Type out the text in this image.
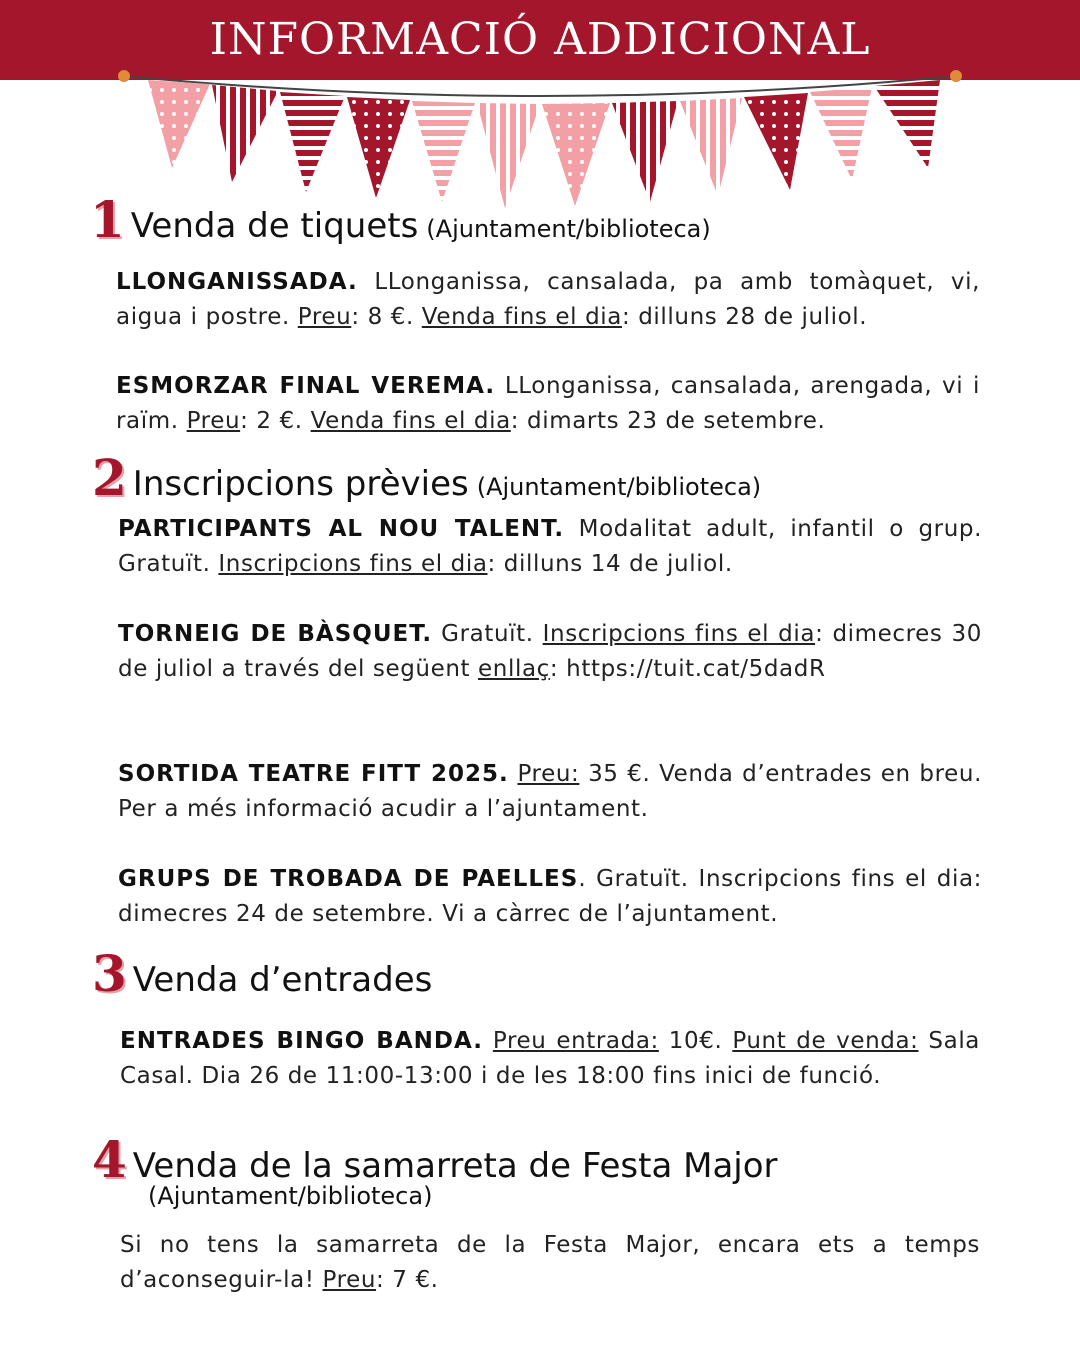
INFORMACIÓ ADDICIONAL
1 Venda de tiquets (Ajuntament/biblioteca)

LLONGANISSADA. LLonganissa, cansalada, pa amb tomàquet, vi, aigua i postre. Preu: 8 €. Venda fins el dia: dilluns 28 de juliol.

ESMORZAR FINAL VEREMA. LLonganissa, cansalada, arengada, vi i raïm. Preu: 2 €. Venda fins el dia: dimarts 23 de setembre.

2 Inscripcions prèvies (Ajuntament/biblioteca)

PARTICIPANTS AL NOU TALENT. Modalitat adult, infantil o grup. Gratuït. Inscripcions fins el dia: dilluns 14 de juliol.

TORNEIG DE BÀSQUET. Gratuït. Inscripcions fins el dia: dimecres 30 de juliol a través del següent enllaç: https://tuit.cat/5dadR

SORTIDA TEATRE FITT 2025. Preu: 35 €. Venda d’entrades en breu. Per a més informació acudir a l’ajuntament.

GRUPS DE TROBADA DE PAELLES. Gratuït. Inscripcions fins el dia: dimecres 24 de setembre. Vi a càrrec de l’ajuntament.

3 Venda d’entrades

ENTRADES BINGO BANDA. Preu entrada: 10€. Punt de venda: Sala Casal. Dia 26 de 11:00-13:00 i de les 18:00 fins inici de funció.

4 Venda de la samarreta de Festa Major
(Ajuntament/biblioteca)

Si no tens la samarreta de la Festa Major, encara ets a temps d’aconseguir-la! Preu: 7 €.
